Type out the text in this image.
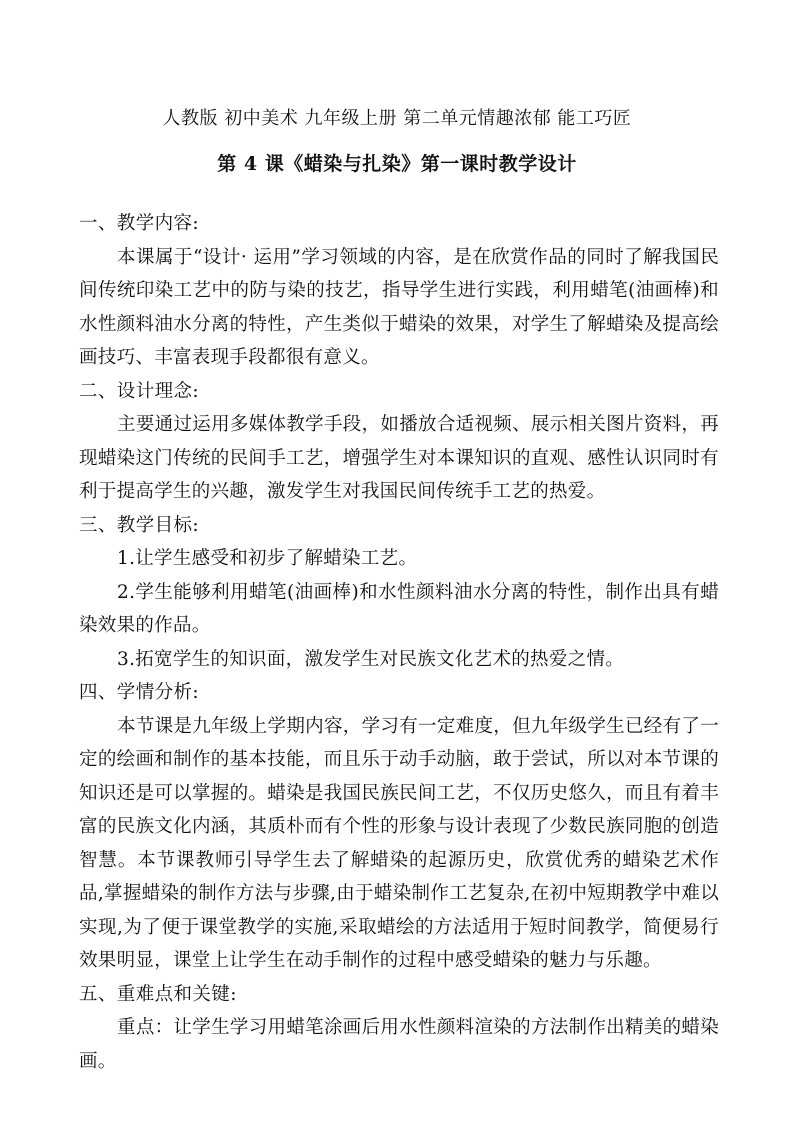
人教版 初中美术 九年级上册 第二单元情趣浓郁 能工巧匠
第 4 课《蜡染与扎染》第一课时教学设计

一、教学内容:

本课属于“设计· 运用”学习领域的内容，是在欣赏作品的同时了解我国民间传统印染工艺中的防与染的技艺，指导学生进行实践，利用蜡笔(油画棒)和水性颜料油水分离的特性，产生类似于蜡染的效果，对学生了解蜡染及提高绘画技巧、丰富表现手段都很有意义。

二、设计理念:

主要通过运用多媒体教学手段，如播放合适视频、展示相关图片资料，再现蜡染这门传统的民间手工艺，增强学生对本课知识的直观、感性认识同时有利于提高学生的兴趣，激发学生对我国民间传统手工艺的热爱。

三、教学目标:

1.让学生感受和初步了解蜡染工艺。

2.学生能够利用蜡笔(油画棒)和水性颜料油水分离的特性，制作出具有蜡染效果的作品。

3.拓宽学生的知识面，激发学生对民族文化艺术的热爱之情。

四、学情分析:

本节课是九年级上学期内容，学习有一定难度，但九年级学生已经有了一定的绘画和制作的基本技能，而且乐于动手动脑，敢于尝试，所以对本节课的知识还是可以掌握的。蜡染是我国民族民间工艺，不仅历史悠久，而且有着丰富的民族文化内涵，其质朴而有个性的形象与设计表现了少数民族同胞的创造智慧。本节课教师引导学生去了解蜡染的起源历史，欣赏优秀的蜡染艺术作品,掌握蜡染的制作方法与步骤,由于蜡染制作工艺复杂,在初中短期教学中难以实现,为了便于课堂教学的实施,采取蜡绘的方法适用于短时间教学，简便易行效果明显，课堂上让学生在动手制作的过程中感受蜡染的魅力与乐趣。

五、重难点和关键:

重点：让学生学习用蜡笔涂画后用水性颜料渲染的方法制作出精美的蜡染画。
